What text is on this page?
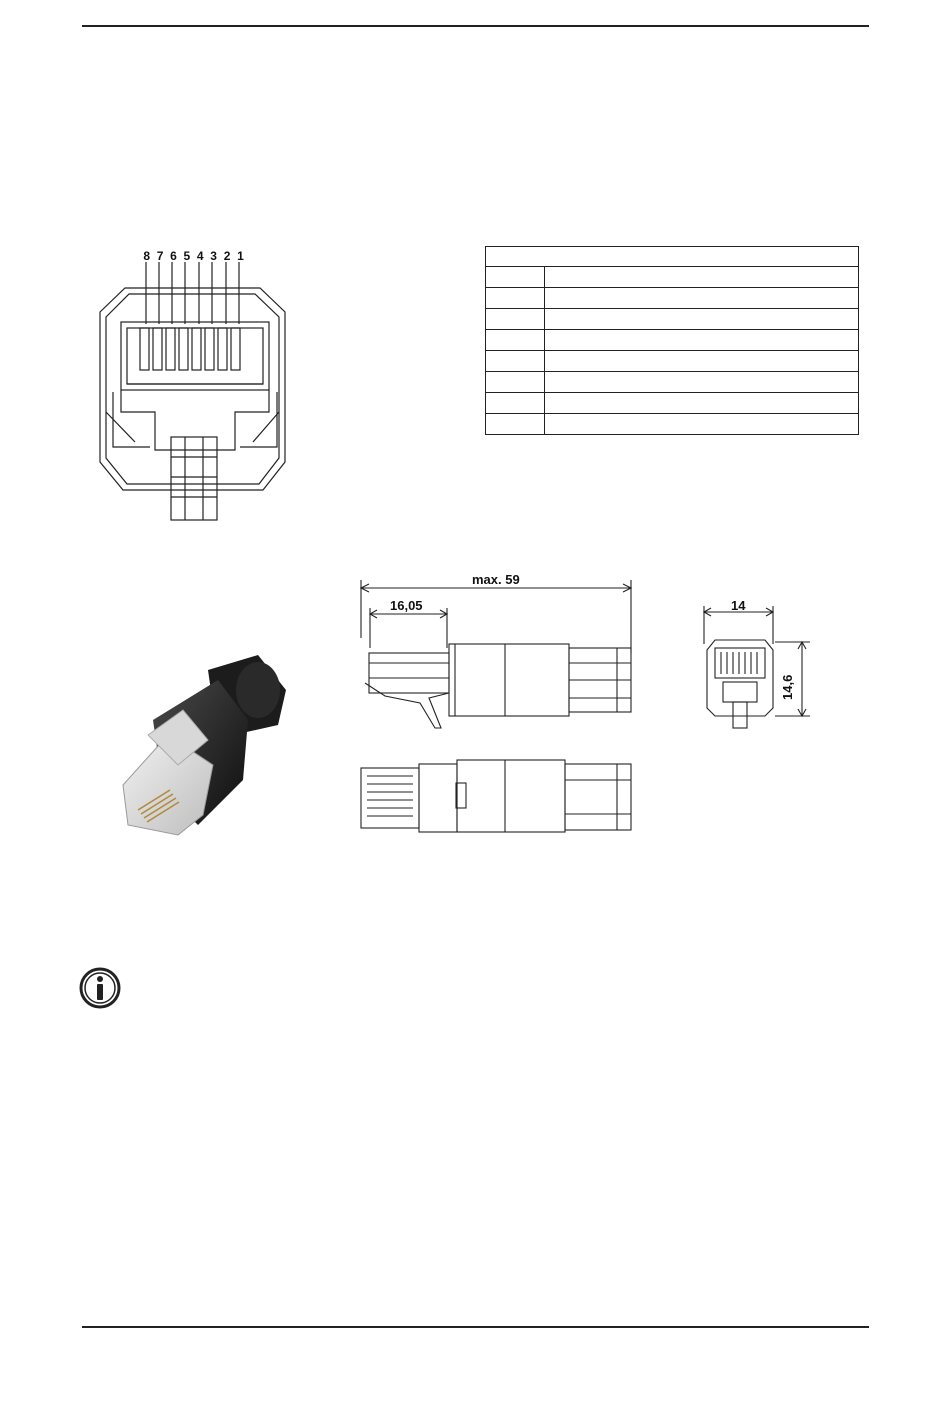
8 7 6 5 4 3 2 1

max. 59
16,05	14
14,6
